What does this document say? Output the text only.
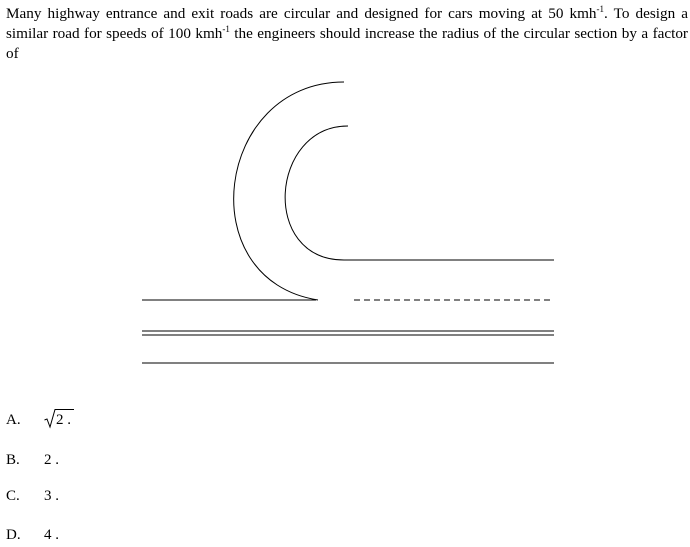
Many highway entrance and exit roads are circular and designed for cars moving at 50 kmh$^{-1}$. To design a similar road for speeds of 100 kmh$^{-1}$ the engineers should increase the radius of the circular section by a factor of

A.	2 .
B. 2 .
C. 3 .
D. 4 .
